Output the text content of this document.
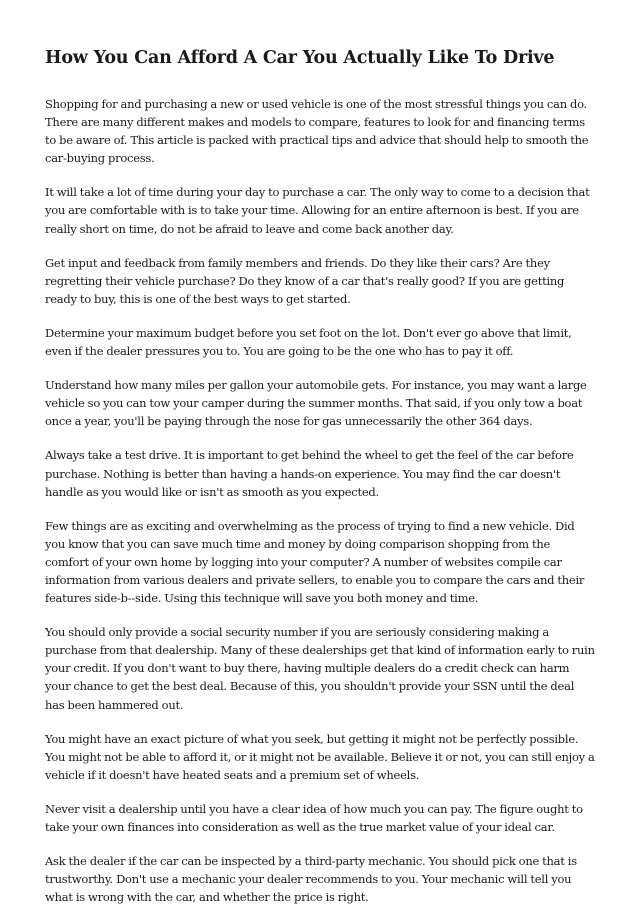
How You Can Afford A Car You Actually Like To Drive

Shopping for and purchasing a new or used vehicle is one of the most stressful things you can do. There are many different makes and models to compare, features to look for and financing terms to be aware of. This article is packed with practical tips and advice that should help to smooth the car-buying process.

It will take a lot of time during your day to purchase a car. The only way to come to a decision that you are comfortable with is to take your time. Allowing for an entire afternoon is best. If you are really short on time, do not be afraid to leave and come back another day.

Get input and feedback from family members and friends. Do they like their cars? Are they regretting their vehicle purchase? Do they know of a car that's really good? If you are getting ready to buy, this is one of the best ways to get started.

Determine your maximum budget before you set foot on the lot. Don't ever go above that limit, even if the dealer pressures you to. You are going to be the one who has to pay it off.

Understand how many miles per gallon your automobile gets. For instance, you may want a large vehicle so you can tow your camper during the summer months. That said, if you only tow a boat once a year, you'll be paying through the nose for gas unnecessarily the other 364 days.

Always take a test drive. It is important to get behind the wheel to get the feel of the car before purchase. Nothing is better than having a hands-on experience. You may find the car doesn't handle as you would like or isn't as smooth as you expected.

Few things are as exciting and overwhelming as the process of trying to find a new vehicle. Did you know that you can save much time and money by doing comparison shopping from the comfort of your own home by logging into your computer? A number of websites compile car information from various dealers and private sellers, to enable you to compare the cars and their features side-b--side. Using this technique will save you both money and time.

You should only provide a social security number if you are seriously considering making a purchase from that dealership. Many of these dealerships get that kind of information early to ruin your credit. If you don't want to buy there, having multiple dealers do a credit check can harm your chance to get the best deal. Because of this, you shouldn't provide your SSN until the deal has been hammered out.

You might have an exact picture of what you seek, but getting it might not be perfectly possible. You might not be able to afford it, or it might not be available. Believe it or not, you can still enjoy a vehicle if it doesn't have heated seats and a premium set of wheels.

Never visit a dealership until you have a clear idea of how much you can pay. The figure ought to take your own finances into consideration as well as the true market value of your ideal car.

Ask the dealer if the car can be inspected by a third-party mechanic. You should pick one that is trustworthy. Don't use a mechanic your dealer recommends to you. Your mechanic will tell you what is wrong with the car, and whether the price is right.
